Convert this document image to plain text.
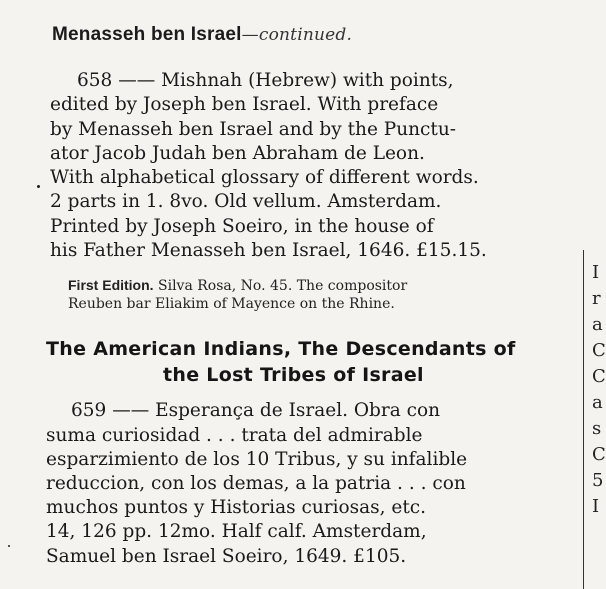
Menasseh ben Israel—continued.
658 —— Mishnah (Hebrew) with points,
edited by Joseph ben Israel. With preface
by Menasseh ben Israel and by the Punctu-
ator Jacob Judah ben Abraham de Leon.
With alphabetical glossary of different words.
2 parts in 1. 8vo. Old vellum. Amsterdam.
Printed by Joseph Soeiro, in the house of
his Father Menasseh ben Israel, 1646. £15.15.
First Edition. Silva Rosa, No. 45. The compositor
Reuben bar Eliakim of Mayence on the Rhine.
The American Indians, The Descendants of
the Lost Tribes of Israel
659 —— Esperança de Israel. Obra con
suma curiosidad . . . trata del admirable
esparzimiento de los 10 Tribus, y su infalible
reduccion, con los demas, a la patria . . . con
muchos puntos y Historias curiosas, etc.
14, 126 pp. 12mo. Half calf. Amsterdam,
Samuel ben Israel Soeiro, 1649. £105.
I
r
a
C
C
a
s
C
5
I
